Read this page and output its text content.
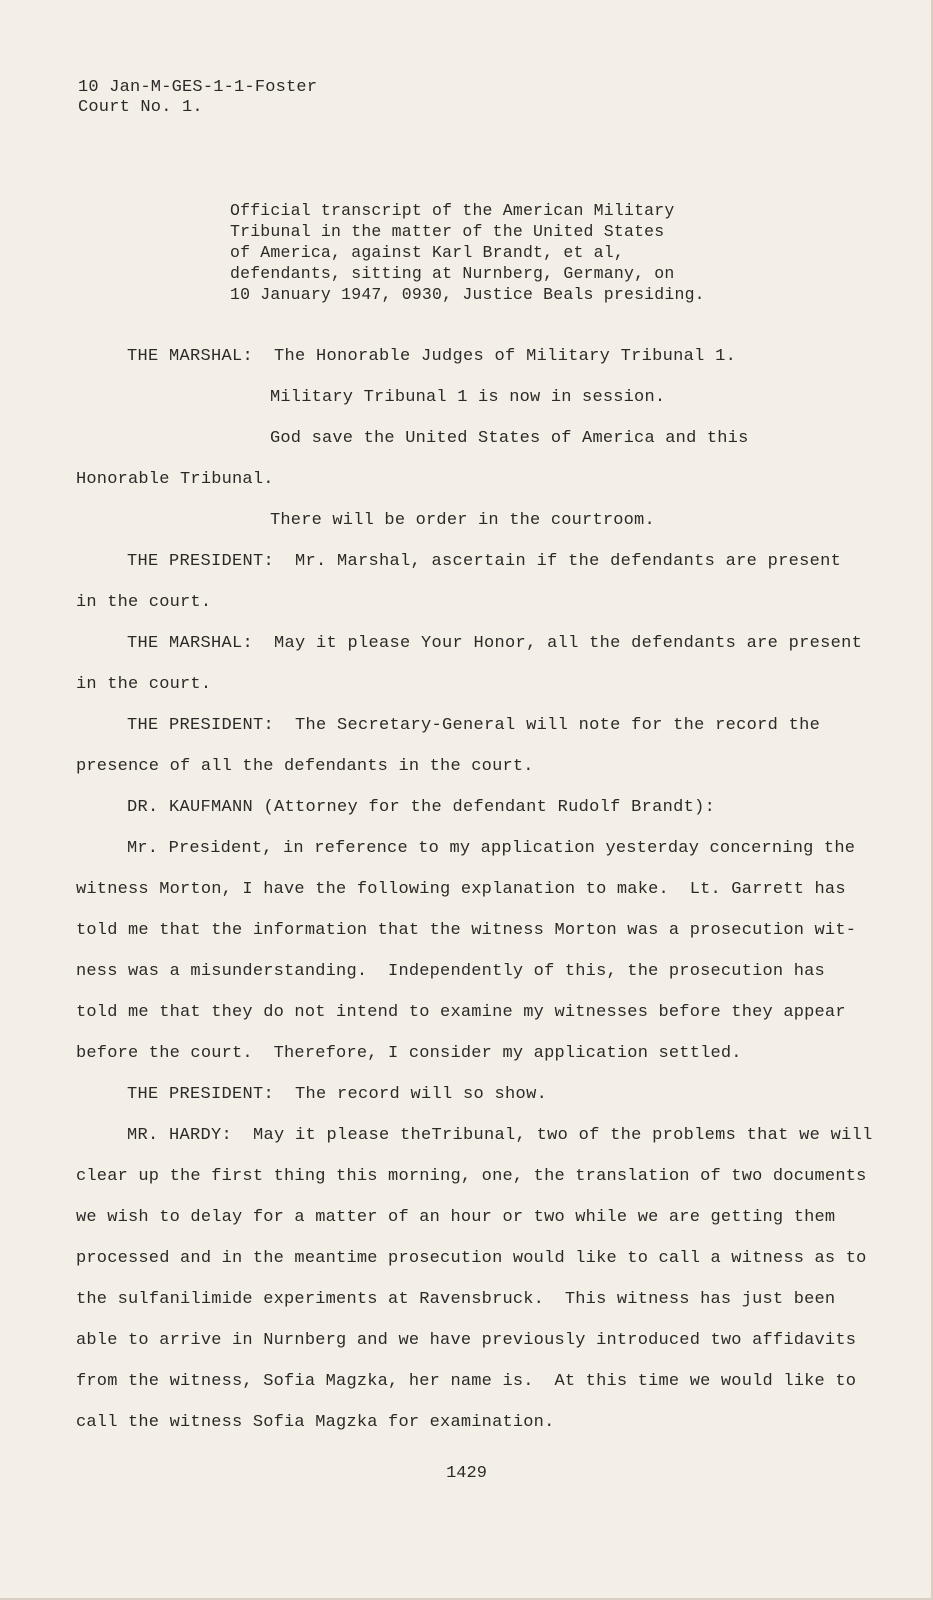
10 Jan-M-GES-1-1-Foster
Court No. 1.
Official transcript of the American Military
Tribunal in the matter of the United States
of America, against Karl Brandt, et al,
defendants, sitting at Nurnberg, Germany, on
10 January 1947, 0930, Justice Beals presiding.
THE MARSHAL:  The Honorable Judges of Military Tribunal 1.
Military Tribunal 1 is now in session.
God save the United States of America and this
Honorable Tribunal.
There will be order in the courtroom.
THE PRESIDENT:  Mr. Marshal, ascertain if the defendants are present
in the court.
THE MARSHAL:  May it please Your Honor, all the defendants are present
in the court.
THE PRESIDENT:  The Secretary-General will note for the record the
presence of all the defendants in the court.
DR. KAUFMANN (Attorney for the defendant Rudolf Brandt):
Mr. President, in reference to my application yesterday concerning the
witness Morton, I have the following explanation to make.  Lt. Garrett has
told me that the information that the witness Morton was a prosecution wit-
ness was a misunderstanding.  Independently of this, the prosecution has
told me that they do not intend to examine my witnesses before they appear
before the court.  Therefore, I consider my application settled.
THE PRESIDENT:  The record will so show.
MR. HARDY:  May it please theTribunal, two of the problems that we will
clear up the first thing this morning, one, the translation of two documents
we wish to delay for a matter of an hour or two while we are getting them
processed and in the meantime prosecution would like to call a witness as to
the sulfanilimide experiments at Ravensbruck.  This witness has just been
able to arrive in Nurnberg and we have previously introduced two affidavits
from the witness, Sofia Magzka, her name is.  At this time we would like to
call the witness Sofia Magzka for examination.
1429
